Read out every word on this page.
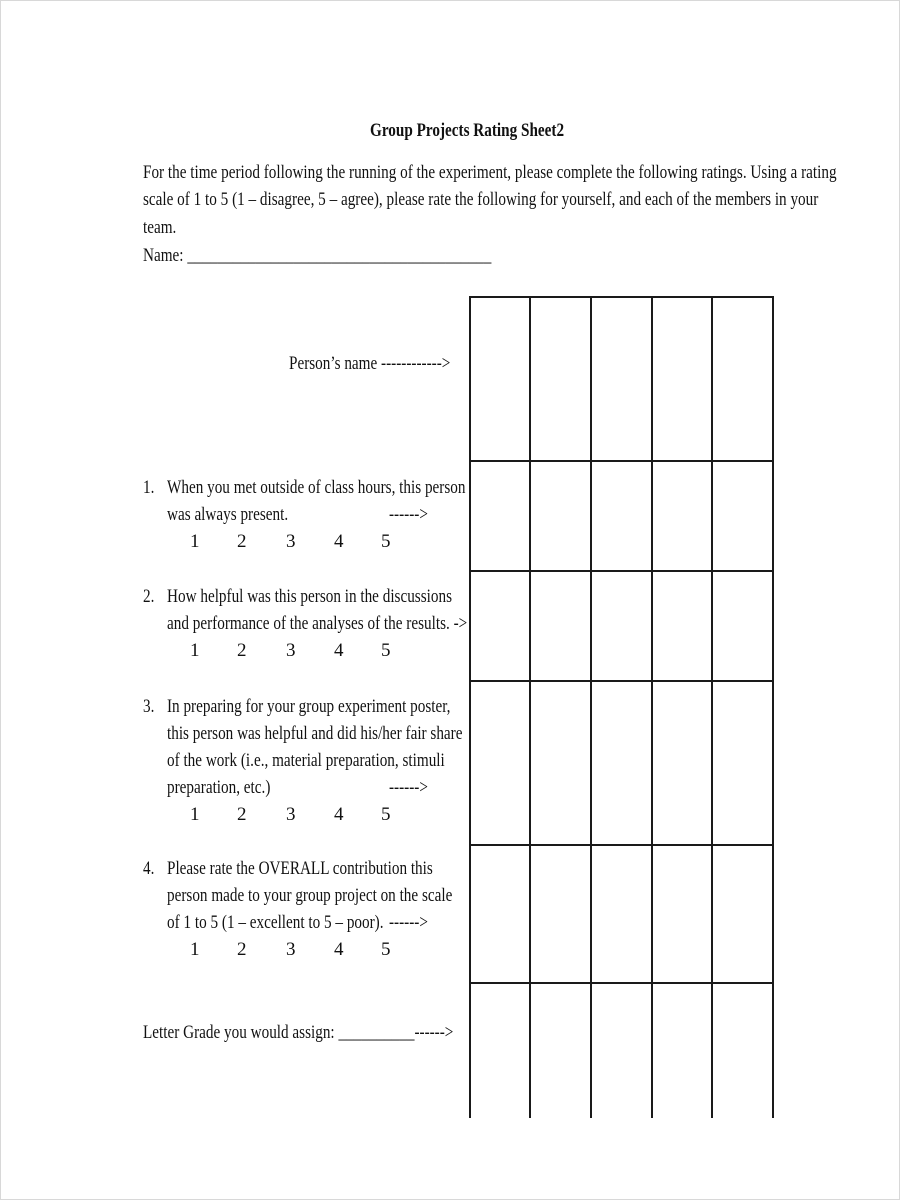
Group Projects Rating Sheet2
For the time period following the running of the experiment, please complete the following ratings. Using a rating
scale of 1 to 5 (1 – disagree, 5 – agree), please rate the following for yourself, and each of the members in your
team.
Name: ________________________________________
Person’s name ------------>
1. When you met outside of class hours, this person
was always present.	------>
1 2 3 4 5
2. How helpful was this person in the discussions
and performance of the analyses of the results. ->
1 2 3 4 5
3. In preparing for your group experiment poster,
this person was helpful and did his/her fair share
of the work (i.e., material preparation, stimuli
preparation, etc.)	------>
1 2 3 4 5
4. Please rate the OVERALL contribution this
person made to your group project on the scale
of 1 to 5 (1 – excellent to 5 – poor). ------>
1 2 3 4 5
Letter Grade you would assign: __________------>
